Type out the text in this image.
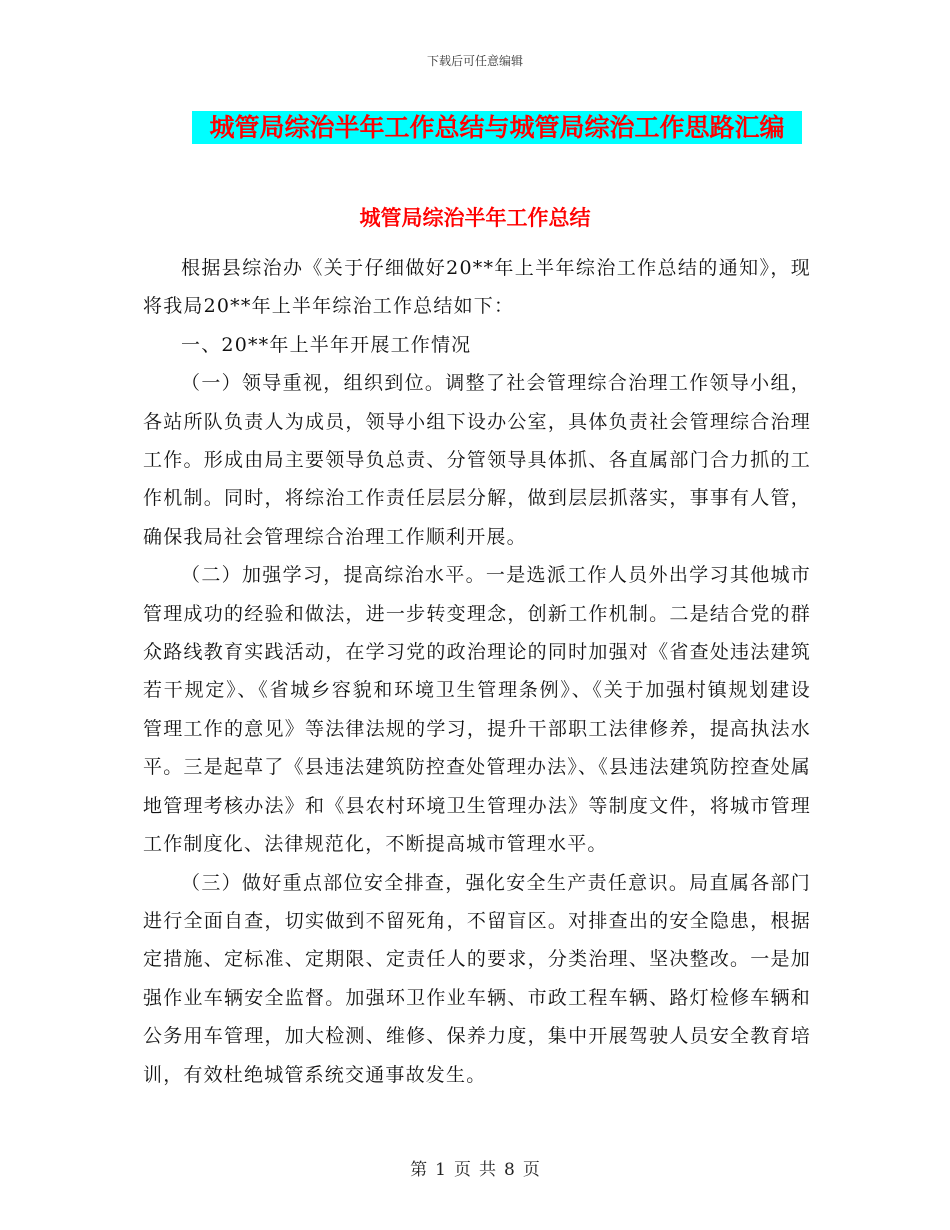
下载后可任意编辑
城管局综治半年工作总结与城管局综治工作思路汇编
城管局综治半年工作总结

根据县综治办《关于仔细做好20**年上半年综治工作总结的通知》，现将我局20**年上半年综治工作总结如下：

一、20**年上半年开展工作情况

（一）领导重视，组织到位。调整了社会管理综合治理工作领导小组，各站所队负责人为成员，领导小组下设办公室，具体负责社会管理综合治理工作。形成由局主要领导负总责、分管领导具体抓、各直属部门合力抓的工作机制。同时，将综治工作责任层层分解，做到层层抓落实，事事有人管，确保我局社会管理综合治理工作顺利开展。

（二）加强学习，提高综治水平。一是选派工作人员外出学习其他城市管理成功的经验和做法，进一步转变理念，创新工作机制。二是结合党的群众路线教育实践活动，在学习党的政治理论的同时加强对《省查处违法建筑若干规定》、《省城乡容貌和环境卫生管理条例》、《关于加强村镇规划建设管理工作的意见》等法律法规的学习，提升干部职工法律修养，提高执法水平。三是起草了《县违法建筑防控查处管理办法》、《县违法建筑防控查处属地管理考核办法》和《县农村环境卫生管理办法》等制度文件，将城市管理工作制度化、法律规范化，不断提高城市管理水平。

（三）做好重点部位安全排查，强化安全生产责任意识。局直属各部门进行全面自查，切实做到不留死角，不留盲区。对排查出的安全隐患，根据定措施、定标准、定期限、定责任人的要求，分类治理、坚决整改。一是加强作业车辆安全监督。加强环卫作业车辆、市政工程车辆、路灯检修车辆和公务用车管理，加大检测、维修、保养力度，集中开展驾驶人员安全教育培训，有效杜绝城管系统交通事故发生。

第 1 页 共 8 页
